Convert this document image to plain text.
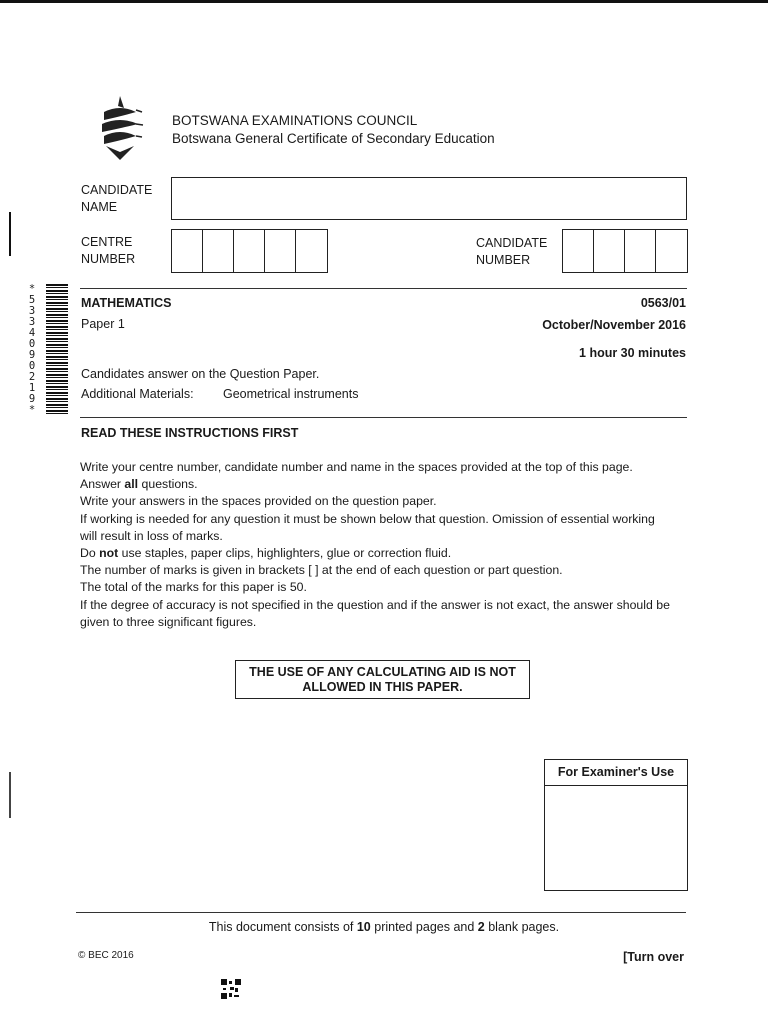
BOTSWANA EXAMINATIONS COUNCIL
Botswana General Certificate of Secondary Education
CANDIDATE
NAME
CENTRE
NUMBER
CANDIDATE
NUMBER
*5334090219*
MATHEMATICS	0563/01
Paper 1	October/November 2016
1 hour 30 minutes
Candidates answer on the Question Paper.
Additional Materials: Geometrical instruments
READ THESE INSTRUCTIONS FIRST

Write your centre number, candidate number and name in the spaces provided at the top of this page.

Answer all questions.

Write your answers in the spaces provided on the question paper.

If working is needed for any question it must be shown below that question. Omission of essential working

will result in loss of marks.

Do not use staples, paper clips, highlighters, glue or correction fluid.

The number of marks is given in brackets [ ] at the end of each question or part question.

The total of the marks for this paper is 50.

If the degree of accuracy is not specified in the question and if the answer is not exact, the answer should be

given to three significant figures.

THE USE OF ANY CALCULATING AID IS NOT
ALLOWED IN THIS PAPER.
For Examiner's Use
This document consists of 10 printed pages and 2 blank pages.
© BEC 2016	[Turn over
